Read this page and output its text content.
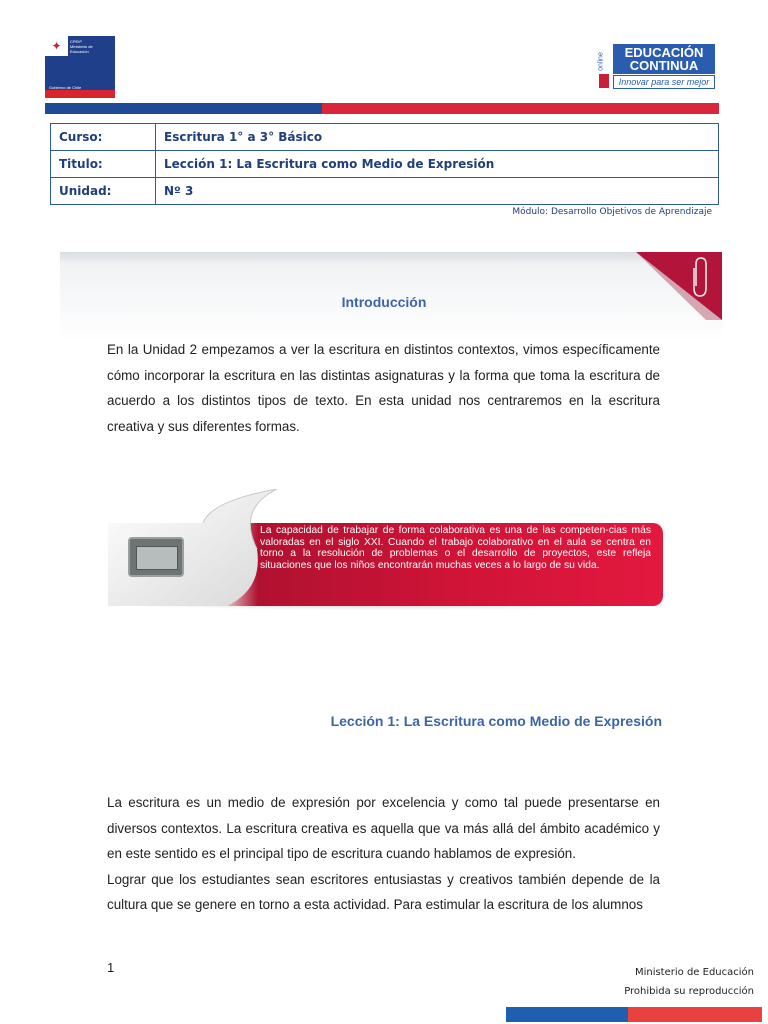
✦	CPEIP
Ministerio de
Educación
Gobierno de Chile
online	EDUCACIÓN
CONTINUA
Innovar para ser mejor
Curso:	Escritura 1° a 3° Básico
Titulo:	Lección 1: La Escritura como Medio de Expresión
Unidad:	Nº 3
Módulo: Desarrollo Objetivos de Aprendizaje
Introducción

En la Unidad 2 empezamos a ver la escritura en distintos contextos, vimos específicamente cómo incorporar la escritura en las distintas asignaturas y la forma que toma la escritura de acuerdo a los distintos tipos de texto. En esta unidad nos centraremos en la escritura creativa y sus diferentes formas.

La capacidad de trabajar de forma colaborativa es una de las competen-cias más valoradas en el siglo XXI. Cuando el trabajo colaborativo en el aula se centra en torno a la resolución de problemas o el desarrollo de proyectos, este refleja situaciones que los niños encontrarán muchas veces a lo largo de su vida.
Lección 1: La Escritura como Medio de Expresión

La escritura es un medio de expresión por excelencia y como tal puede presentarse en diversos contextos. La escritura creativa es aquella que va más allá del ámbito académico y en este sentido es el principal tipo de escritura cuando hablamos de expresión.

Lograr que los estudiantes sean escritores entusiastas y creativos también depende de la cultura que se genere en torno a esta actividad. Para estimular la escritura de los alumnos

1	Ministerio de Educación
Prohibida su reproducción
